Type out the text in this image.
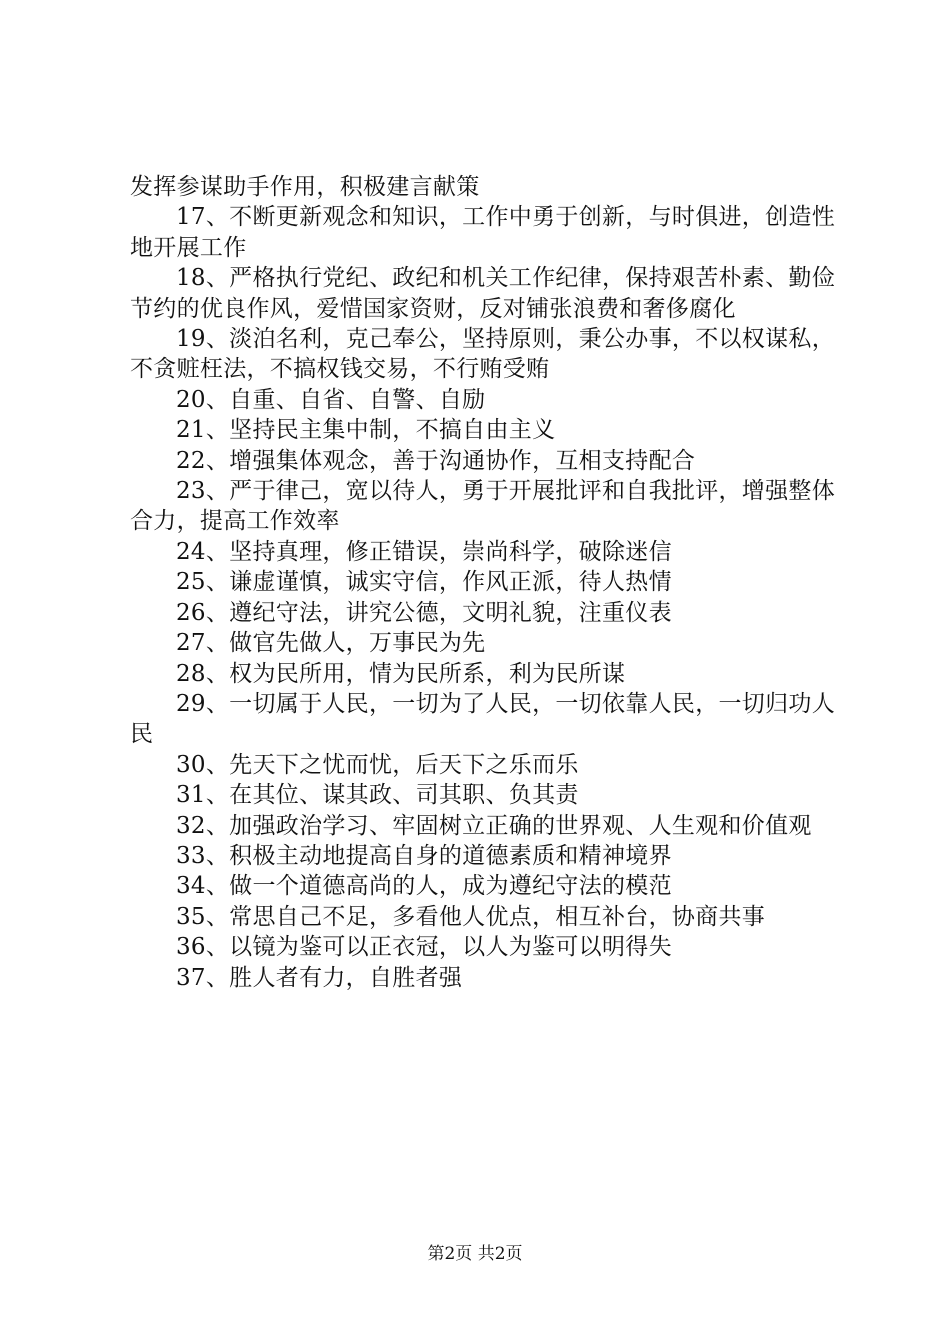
发挥参谋助手作用，积极建言献策

17、不断更新观念和知识，工作中勇于创新，与时俱进，创造性地开展工作

18、严格执行党纪、政纪和机关工作纪律，保持艰苦朴素、勤俭节约的优良作风，爱惜国家资财，反对铺张浪费和奢侈腐化

19、淡泊名利，克己奉公，坚持原则，秉公办事，不以权谋私，不贪赃枉法，不搞权钱交易，不行贿受贿

20、自重、自省、自警、自励

21、坚持民主集中制，不搞自由主义

22、增强集体观念，善于沟通协作，互相支持配合

23、严于律己，宽以待人，勇于开展批评和自我批评，增强整体合力，提高工作效率

24、坚持真理，修正错误，崇尚科学，破除迷信

25、谦虚谨慎，诚实守信，作风正派，待人热情

26、遵纪守法，讲究公德，文明礼貌，注重仪表

27、做官先做人，万事民为先

28、权为民所用，情为民所系，利为民所谋

29、一切属于人民，一切为了人民，一切依靠人民，一切归功人民

30、先天下之忧而忧，后天下之乐而乐

31、在其位、谋其政、司其职、负其责

32、加强政治学习、牢固树立正确的世界观、人生观和价值观

33、积极主动地提高自身的道德素质和精神境界

34、做一个道德高尚的人，成为遵纪守法的模范

35、常思自己不足，多看他人优点，相互补台，协商共事

36、以镜为鉴可以正衣冠，以人为鉴可以明得失

37、胜人者有力，自胜者强

第2页 共2页
